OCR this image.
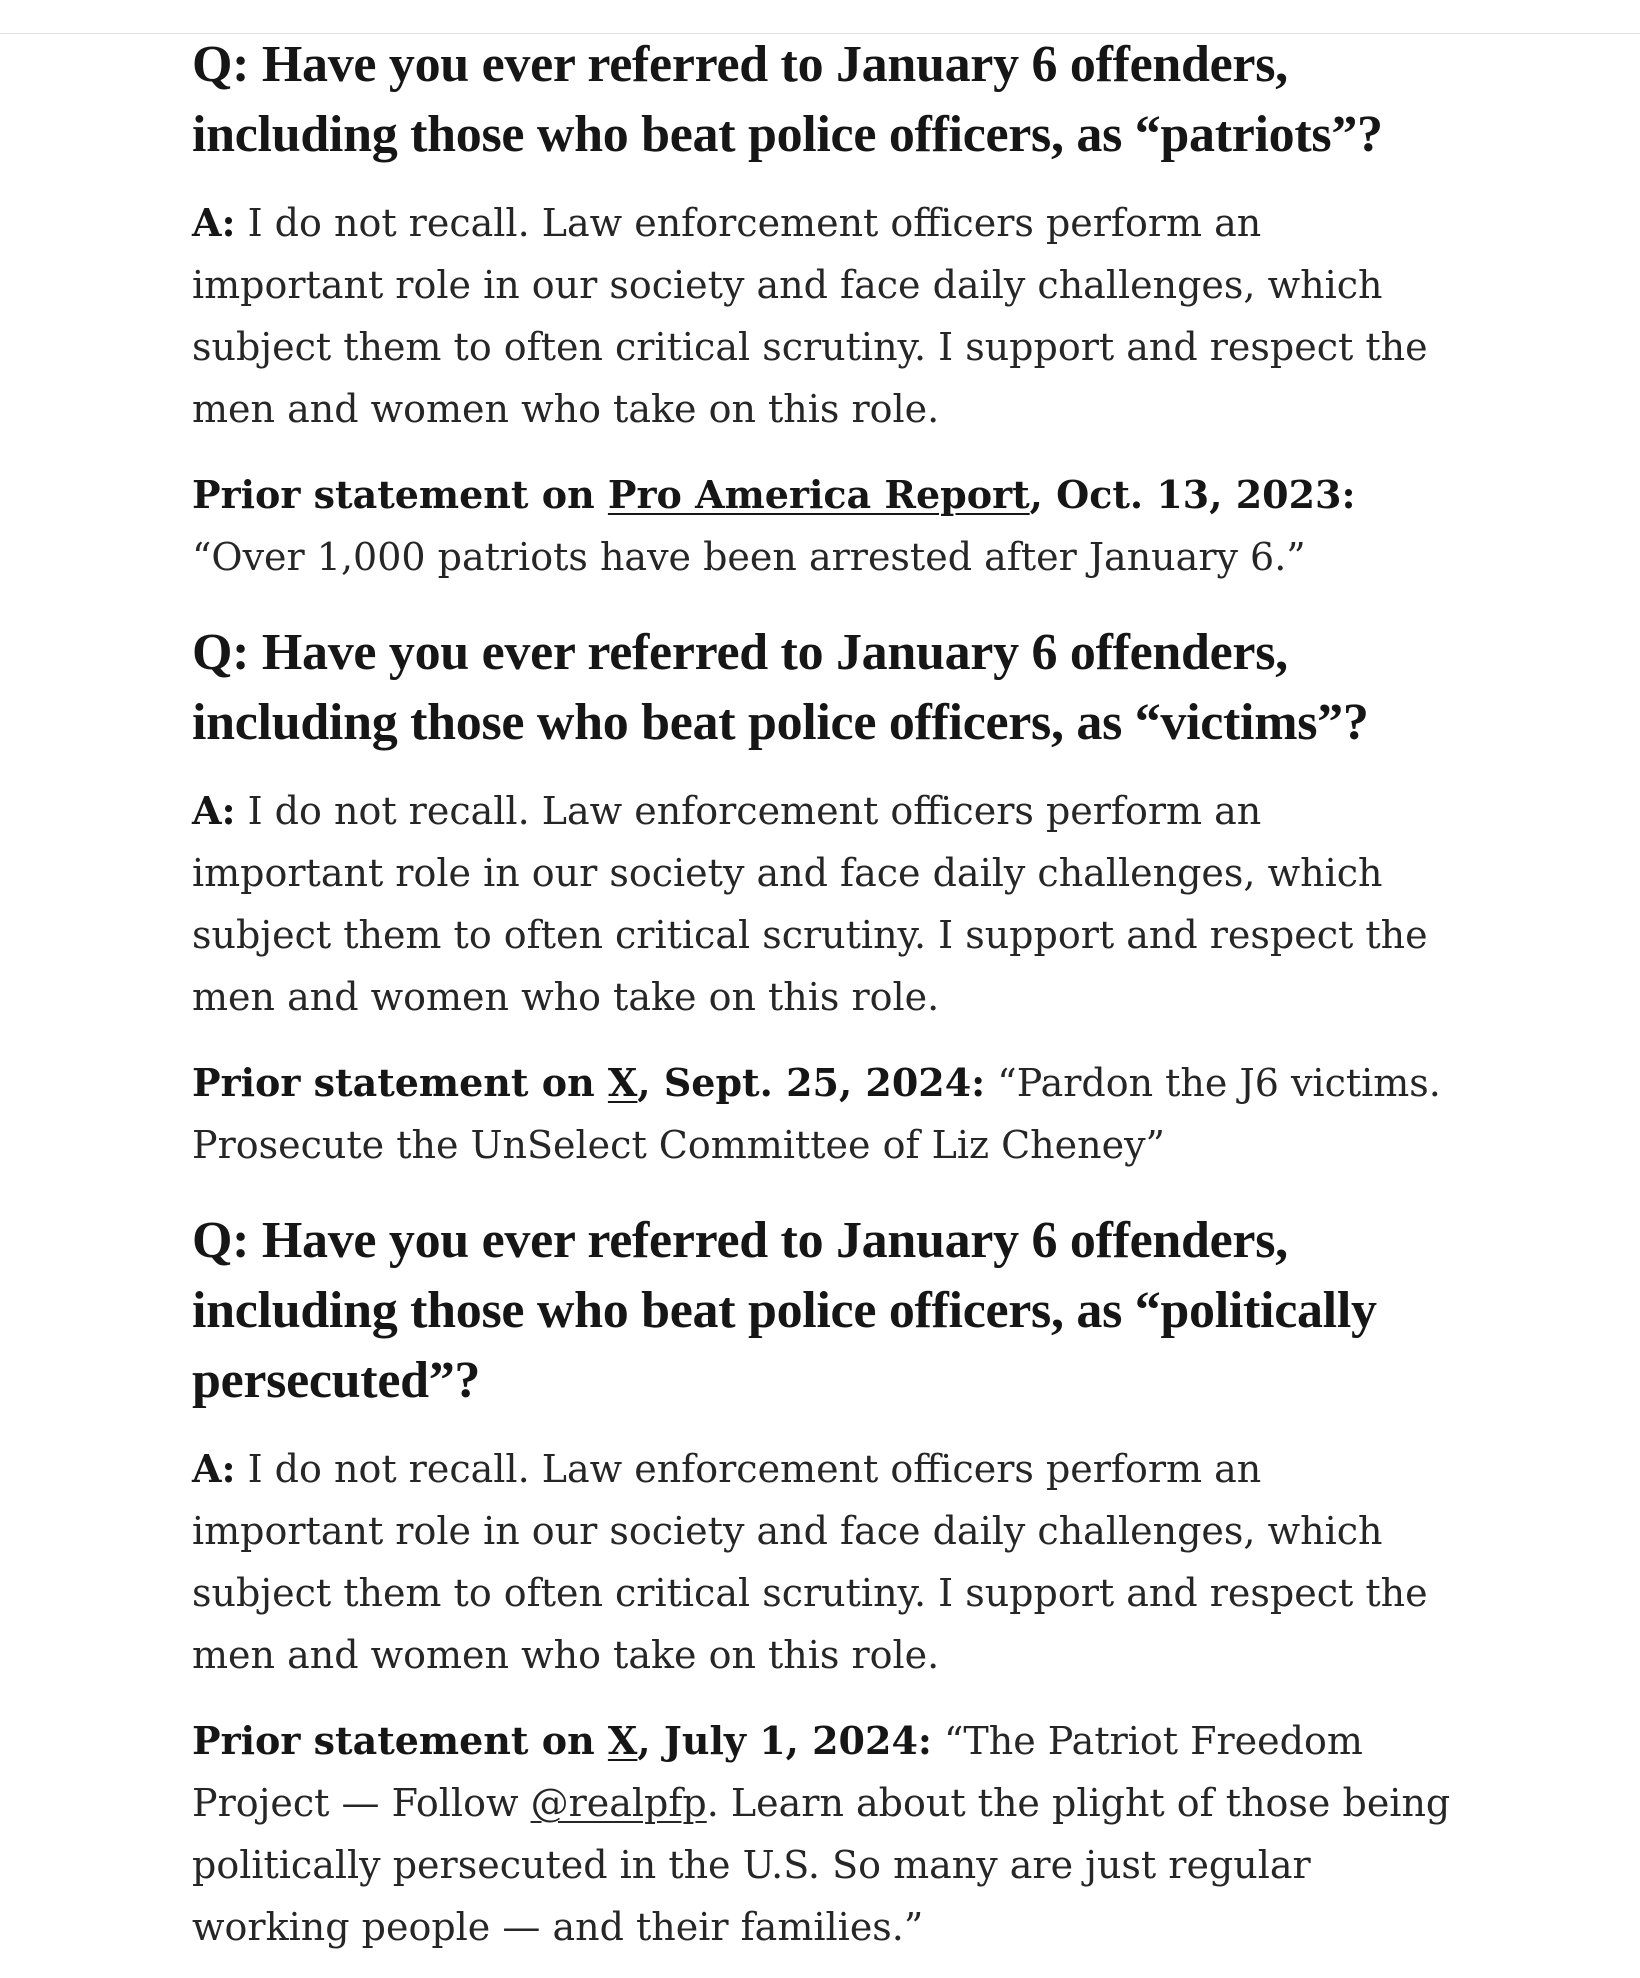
Q: Have you ever referred to January 6 offenders, including those who beat police officers, as “patriots”?

A: I do not recall. Law enforcement officers perform an important role in our society and face daily challenges, which subject them to often critical scrutiny. I support and respect the men and women who take on this role.

Prior statement on Pro America Report, Oct. 13, 2023: “Over 1,000 patriots have been arrested after January 6.”

Q: Have you ever referred to January 6 offenders, including those who beat police officers, as “victims”?

A: I do not recall. Law enforcement officers perform an important role in our society and face daily challenges, which subject them to often critical scrutiny. I support and respect the men and women who take on this role.

Prior statement on X, Sept. 25, 2024: “Pardon the J6 victims. Prosecute the UnSelect Committee of Liz Cheney”

Q: Have you ever referred to January 6 offenders, including those who beat police officers, as “politically persecuted”?

A: I do not recall. Law enforcement officers perform an important role in our society and face daily challenges, which subject them to often critical scrutiny. I support and respect the men and women who take on this role.

Prior statement on X, July 1, 2024: “The Patriot Freedom Project — Follow @realpfp. Learn about the plight of those being politically persecuted in the U.S. So many are just regular working people — and their families.”
